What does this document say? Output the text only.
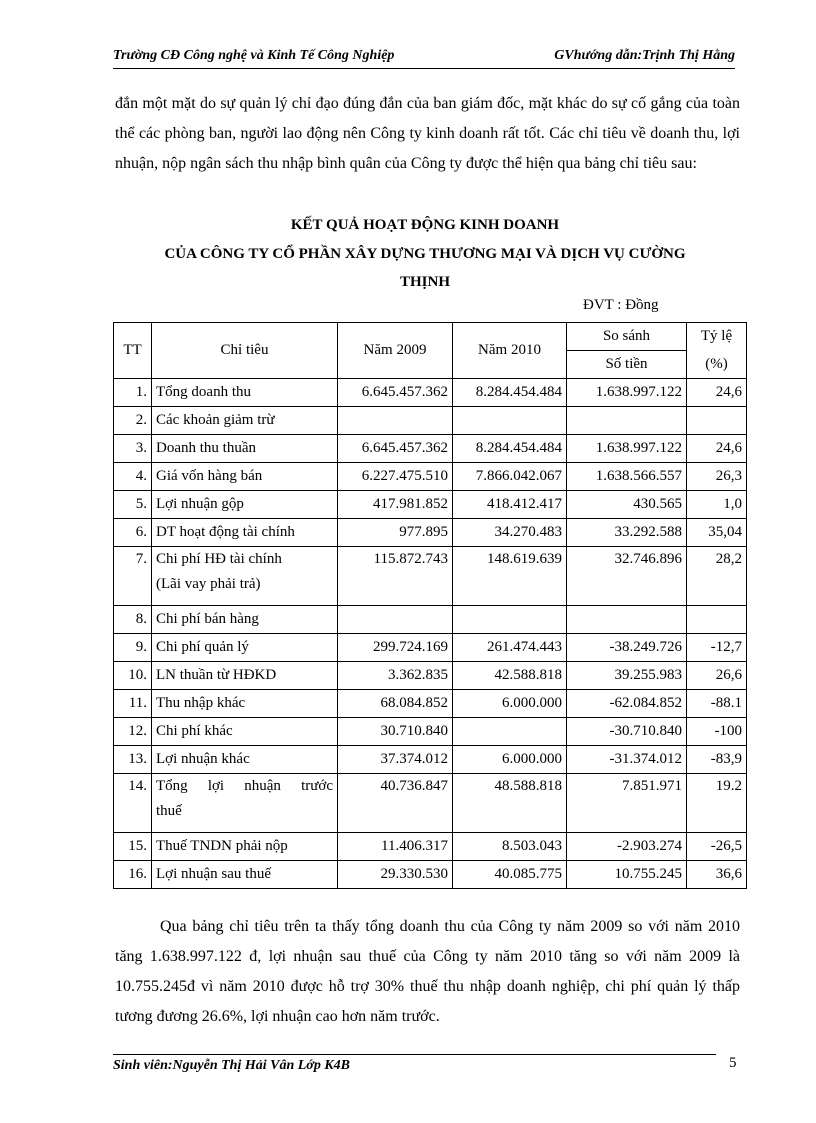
Trường CĐ Công nghệ và Kinh Tế Công Nghiệp	GVhướng dẫn:Trịnh Thị Hằng
đắn một mặt do sự quản lý chỉ đạo đúng đắn của ban giám đốc, mặt khác do sự cố gắng của toàn thể các phòng ban, người lao động nên Công ty kinh doanh rất tốt. Các chỉ tiêu về doanh thu, lợi nhuận, nộp ngân sách thu nhập bình quân của Công ty được thể hiện qua bảng chỉ tiêu sau:
KẾT QUẢ HOẠT ĐỘNG KINH DOANH
CỦA CÔNG TY CỔ PHẦN XÂY DỰNG THƯƠNG MẠI VÀ DỊCH VỤ CƯỜNG
THỊNH
ĐVT : Đồng
TT	Chỉ tiêu	Năm 2009	Năm 2010	So sánh	Tỷ lệ
				Số tiền	(%)
1.	Tổng doanh thu	6.645.457.362	8.284.454.484	1.638.997.122	24,6
2.	Các khoản giảm trừ				
3.	Doanh thu thuần	6.645.457.362	8.284.454.484	1.638.997.122	24,6
4.	Giá vốn hàng bán	6.227.475.510	7.866.042.067	1.638.566.557	26,3
5.	Lợi nhuận gộp	417.981.852	418.412.417	430.565	1,0
6.	DT hoạt động tài chính	977.895	34.270.483	33.292.588	35,04
7.	Chi phí HĐ tài chính
(Lãi vay phải trả)	115.872.743	148.619.639	32.746.896	28,2
8.	Chi phí bán hàng				
9.	Chi phí quản lý	299.724.169	261.474.443	-38.249.726	-12,7
10.	LN thuần từ HĐKD	3.362.835	42.588.818	39.255.983	26,6
11.	Thu nhập khác	68.084.852	6.000.000	-62.084.852	-88.1
12.	Chi phí khác	30.710.840		-30.710.840	-100
13.	Lợi nhuận khác	37.374.012	6.000.000	-31.374.012	-83,9
14.	Tổng lợi nhuận trước
thuế	40.736.847	48.588.818	7.851.971	19.2
15.	Thuế TNDN phải nộp	11.406.317	8.503.043	-2.903.274	-26,5
16.	Lợi nhuận sau thuế	29.330.530	40.085.775	10.755.245	36,6
Qua bảng chỉ tiêu trên ta thấy tổng doanh thu của Công ty năm 2009 so với năm 2010 tăng 1.638.997.122 đ, lợi nhuận sau thuế của Công ty năm 2010 tăng so với năm 2009 là 10.755.245đ vì năm 2010 được hỗ trợ 30% thuế thu nhập doanh nghiệp, chi phí quản lý thấp tương đương 26.6%, lợi nhuận cao hơn năm trước.
Sinh viên:Nguyễn Thị Hải Vân Lớp K4B	5
